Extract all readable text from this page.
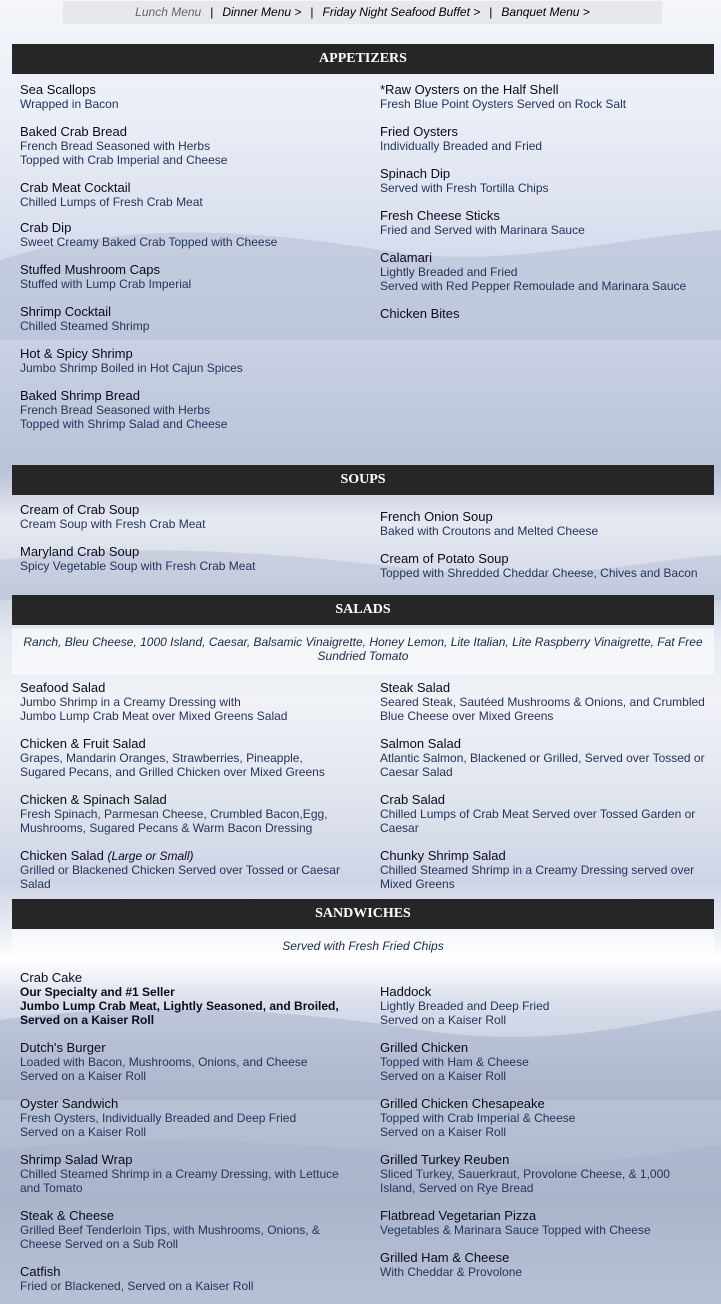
Lunch Menu | Dinner Menu > | Friday Night Seafood Buffet > | Banquet Menu >
APPETIZERS
Sea Scallops
Wrapped in Bacon
Baked Crab Bread
French Bread Seasoned with Herbs
Topped with Crab Imperial and Cheese
Crab Meat Cocktail
Chilled Lumps of Fresh Crab Meat
Crab Dip
Sweet Creamy Baked Crab Topped with Cheese
Stuffed Mushroom Caps
Stuffed with Lump Crab Imperial
Shrimp Cocktail
Chilled Steamed Shrimp
Hot & Spicy Shrimp
Jumbo Shrimp Boiled in Hot Cajun Spices
Baked Shrimp Bread
French Bread Seasoned with Herbs
Topped with Shrimp Salad and Cheese
*Raw Oysters on the Half Shell
Fresh Blue Point Oysters Served on Rock Salt
Fried Oysters
Individually Breaded and Fried
Spinach Dip
Served with Fresh Tortilla Chips
Fresh Cheese Sticks
Fried and Served with Marinara Sauce
Calamari
Lightly Breaded and Fried
Served with Red Pepper Remoulade and Marinara Sauce
Chicken Bites
SOUPS
Cream of Crab Soup
Cream Soup with Fresh Crab Meat
Maryland Crab Soup
Spicy Vegetable Soup with Fresh Crab Meat
French Onion Soup
Baked with Croutons and Melted Cheese
Cream of Potato Soup
Topped with Shredded Cheddar Cheese, Chives and Bacon
SALADS
Ranch, Bleu Cheese, 1000 Island, Caesar, Balsamic Vinaigrette, Honey Lemon, Lite Italian, Lite Raspberry Vinaigrette, Fat Free Sundried Tomato
Seafood Salad
Jumbo Shrimp in a Creamy Dressing with
Jumbo Lump Crab Meat over Mixed Greens Salad
Chicken & Fruit Salad
Grapes, Mandarin Oranges, Strawberries, Pineapple,
Sugared Pecans, and Grilled Chicken over Mixed Greens
Chicken & Spinach Salad
Fresh Spinach, Parmesan Cheese, Crumbled Bacon,Egg,
Mushrooms, Sugared Pecans & Warm Bacon Dressing
Chicken Salad (Large or Small)
Grilled or Blackened Chicken Served over Tossed or Caesar
Salad
Steak Salad
Seared Steak, Sautéed Mushrooms & Onions, and Crumbled
Blue Cheese over Mixed Greens
Salmon Salad
Atlantic Salmon, Blackened or Grilled, Served over Tossed or
Caesar Salad
Crab Salad
Chilled Lumps of Crab Meat Served over Tossed Garden or
Caesar
Chunky Shrimp Salad
Chilled Steamed Shrimp in a Creamy Dressing served over
Mixed Greens
SANDWICHES
Served with Fresh Fried Chips
Crab Cake
Our Specialty and #1 Seller
Jumbo Lump Crab Meat, Lightly Seasoned, and Broiled,
Served on a Kaiser Roll
Dutch's Burger
Loaded with Bacon, Mushrooms, Onions, and Cheese
Served on a Kaiser Roll
Oyster Sandwich
Fresh Oysters, Individually Breaded and Deep Fried
Served on a Kaiser Roll
Shrimp Salad Wrap
Chilled Steamed Shrimp in a Creamy Dressing, with Lettuce
and Tomato
Steak & Cheese
Grilled Beef Tenderloin Tips, with Mushrooms, Onions, &
Cheese Served on a Sub Roll
Catfish
Fried or Blackened, Served on a Kaiser Roll
Haddock
Lightly Breaded and Deep Fried
Served on a Kaiser Roll
Grilled Chicken
Topped with Ham & Cheese
Served on a Kaiser Roll
Grilled Chicken Chesapeake
Topped with Crab Imperial & Cheese
Served on a Kaiser Roll
Grilled Turkey Reuben
Sliced Turkey, Sauerkraut, Provolone Cheese, & 1,000
Island, Served on Rye Bread
Flatbread Vegetarian Pizza
Vegetables & Marinara Sauce Topped with Cheese
Grilled Ham & Cheese
With Cheddar & Provolone
